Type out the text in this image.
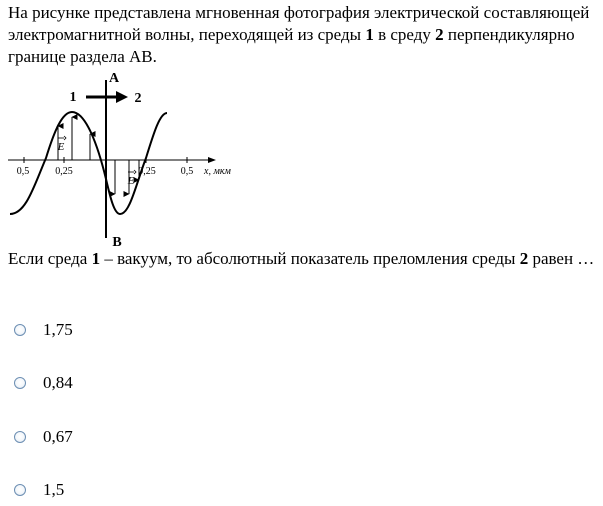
На рисунке представлена мгновенная фотография электрической составляющей электромагнитной волны, переходящей из среды 1 в среду 2 перпендикулярно границе раздела АВ.
E
E
A
B
1	2
0,5	0,25	0,25	0,5 x, мкм
Если среда 1 – вакуум, то абсолютный показатель преломления среды 2 равен …
1,75
0,84
0,67
1,5
